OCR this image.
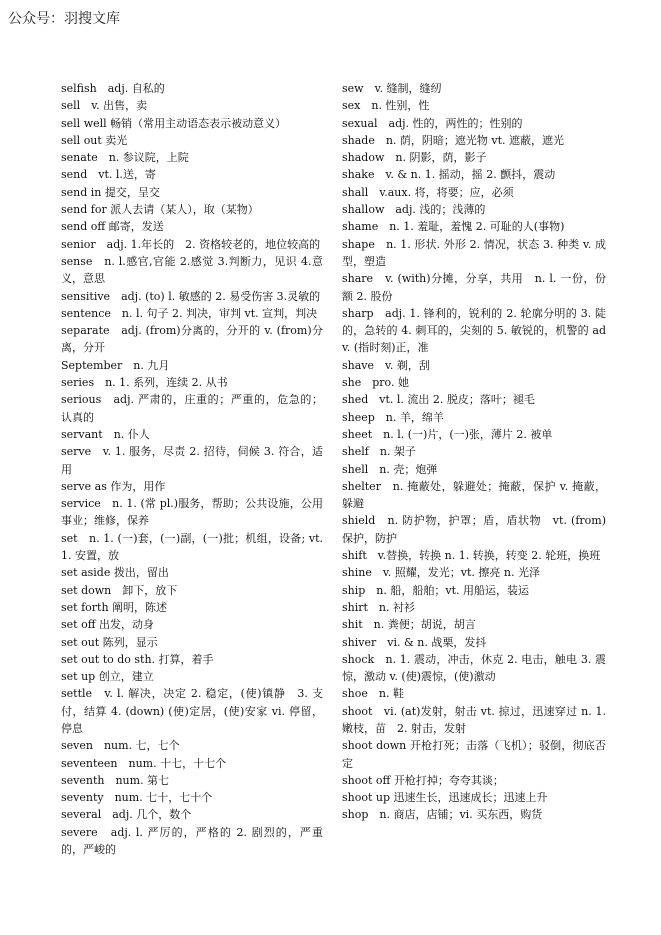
公众号：羽搜文库

selfish　adj. 自私的

sell　v. 出售，卖

sell well 畅销（常用主动语态表示被动意义）

sell out 卖光

senate　n. 参议院，上院

send　vt. l.送，寄

send in 提交，呈交

send for 派人去请（某人），取（某物）

send off 邮寄，发送

senior　adj. 1.年长的　2. 资格较老的，地位较高的

sense　n. l.感官,官能 2.感觉 3.判断力，见识 4.意义，意思

sensitive　adj. (to) l. 敏感的 2. 易受伤害 3.灵敏的

sentence　n. l. 句子 2. 判决，审判 vt. 宣判，判决

separate　adj. (from)分离的，分开的 v. (from)分离，分开

September　n. 九月

series　n. 1. 系列，连续 2. 从书

serious　adj. 严肃的，庄重的；严重的，危急的；认真的

servant　n. 仆人

serve　v. 1. 服务，尽责 2. 招待，伺候 3. 符合，适用

serve as 作为，用作

service　n. 1. (常 pl.)服务，帮助；公共设施，公用事业；维修，保养

set　n. 1. (一)套，(一)副，(一)批；机组，设备; vt. 1. 安置，放

set aside 拨出，留出

set down　卸下，放下

set forth 阐明，陈述

set off 出发，动身

set out 陈列，显示

set out to do sth. 打算，着手

set up 创立，建立

settle　v. l. 解决，决定 2. 稳定，(使)镇静　3. 支付，结算 4. (down) (使)定居，(使)安家 vi. 停留，停息

seven　num. 七，七个

seventeen　num. 十七，十七个

seventh　num. 第七

seventy　num. 七十，七十个

several　adj. 几个，数个

severe　adj. l. 严厉的，严格的 2. 剧烈的，严重的，严峻的

sew　v. 缝制，缝纫

sex　n. 性别，性

sexual　adj. 性的，两性的；性别的

shade　n. 荫，阴暗；遮光物 vt. 遮蔽，遮光

shadow　n. 阴影，荫，影子

shake　v. & n. 1. 摇动，摇 2. 颤抖，震动

shall　v.aux. 将，将要；应，必须

shallow　adj. 浅的；浅薄的

shame　n. 1. 羞耻，羞愧 2. 可耻的人(事物)

shape　n. 1. 形状. 外形 2. 情况，状态 3. 种类 v. 成型，塑造

share　v. (with)分摊，分享，共用　n. l. 一份，份额 2. 股份

sharp　adj. 1. 锋利的，锐利的 2. 轮廓分明的 3. 陡的，急转的 4. 刺耳的，尖刻的 5. 敏锐的，机警的 adv. (指时刻)正，准

shave　v. 剃，刮

she　pro. 她

shed　vt. l. 流出 2. 脱皮；落叶；褪毛

sheep　n. 羊，绵羊

sheet　n. l. (一)片，(一)张，薄片 2. 被单

shelf　n. 架子

shell　n. 壳；炮弹

shelter　n. 掩蔽处，躲避处；掩蔽，保护 v. 掩蔽，躲避

shield　n. 防护物，护罩；盾，盾状物　vt. (from) 保护，防护

shift　v.替换，转换 n. 1. 转换，转变 2. 轮班，换班

shine　v. 照耀，发光；vt. 擦亮 n. 光泽

ship　n. 船，船舶；vt. 用船运，装运

shirt　n. 衬衫

shit　n. 粪便；胡说，胡言

shiver　vi. & n. 战栗，发抖

shock　n. 1. 震动，冲击，休克 2. 电击，触电 3. 震惊，激动 v. (使)震惊，(使)激动

shoe　n. 鞋

shoot　vi. (at)发射，射击 vt. 掠过，迅速穿过 n. 1. 嫩枝，苗　2. 射击，发射

shoot down 开枪打死；击落（飞机）；驳倒，彻底否定

shoot off 开枪打掉；夸夸其谈；

shoot up 迅速生长，迅速成长；迅速上升

shop　n. 商店，店铺；vi. 买东西，购货
